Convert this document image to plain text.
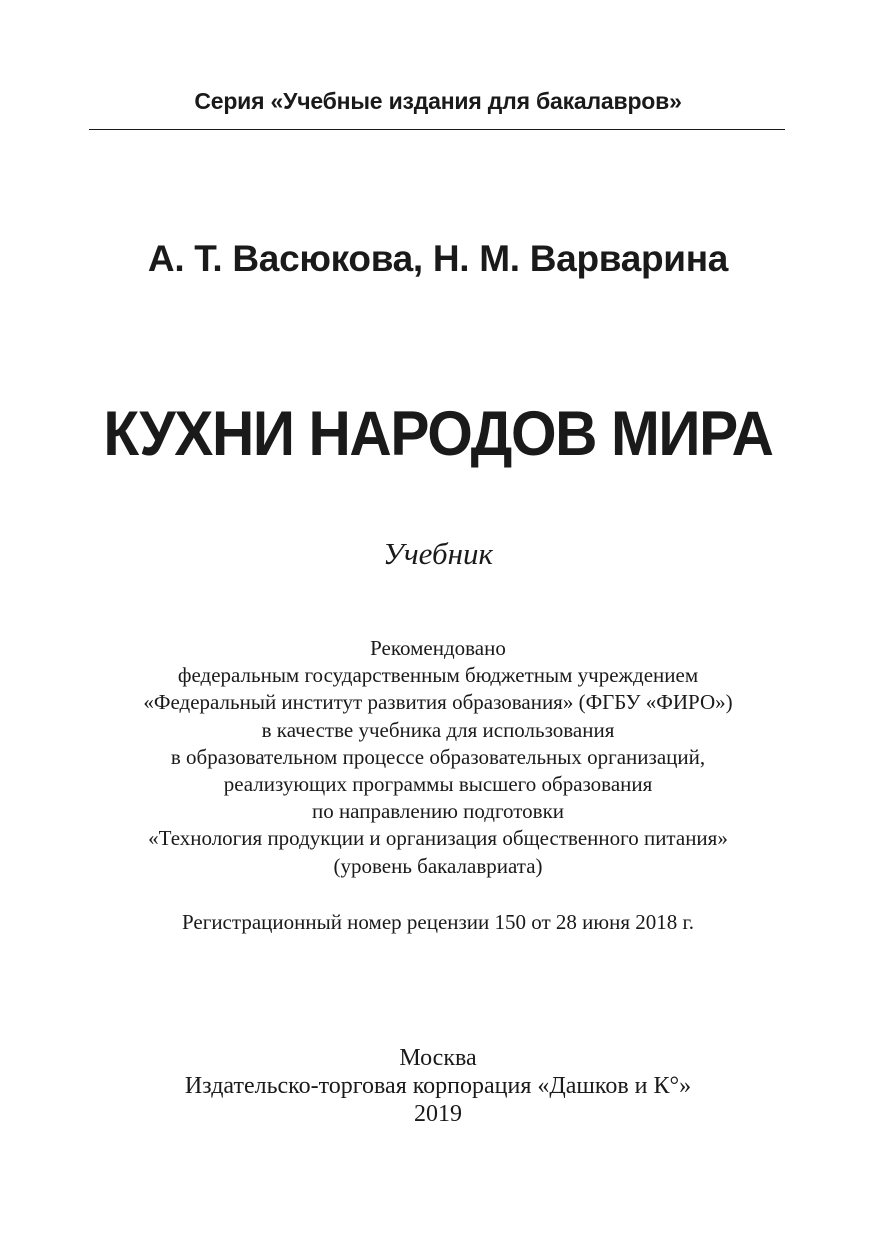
Серия «Учебные издания для бакалавров»
А. Т. Васюкова, Н. М. Варварина
КУХНИ НАРОДОВ МИРА
Учебник
Рекомендовано
федеральным государственным бюджетным учреждением
«Федеральный институт развития образования» (ФГБУ «ФИРО»)
в качестве учебника для использования
в образовательном процессе образовательных организаций,
реализующих программы высшего образования
по направлению подготовки
«Технология продукции и организация общественного питания»
(уровень бакалавриата)
Регистрационный номер рецензии 150 от 28 июня 2018 г.
Москва
Издательско-торговая корпорация «Дашков и К°»
2019
